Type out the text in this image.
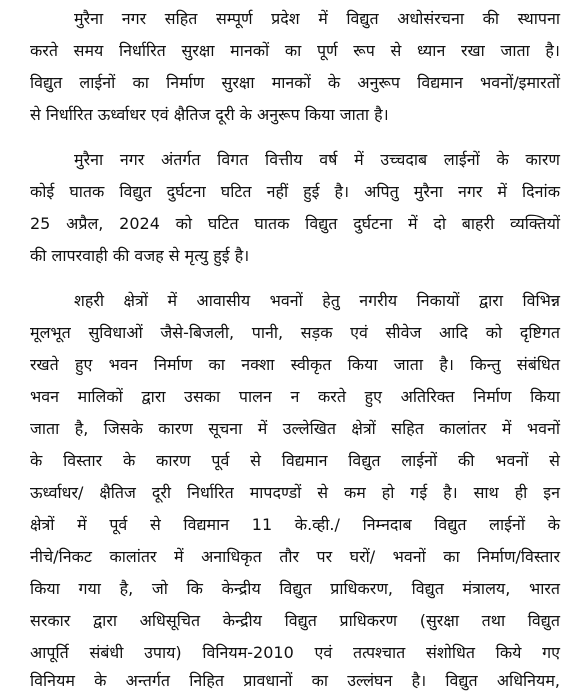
मुरैना नगर सहित सम्पूर्ण प्रदेश में विद्युत अधोसंरचना की स्थापना
करते समय निर्धारित सुरक्षा मानकों का पूर्ण रूप से ध्यान रखा जाता है।
विद्युत लाईनों का निर्माण सुरक्षा मानकों के अनुरूप विद्यमान भवनों/इमारतों
से निर्धारित ऊर्ध्वाधर एवं क्षैतिज दूरी के अनुरूप किया जाता है।
मुरैना नगर अंतर्गत विगत वित्तीय वर्ष में उच्चदाब लाईनों के कारण
कोई घातक विद्युत दुर्घटना घटित नहीं हुई है। अपितु मुरैना नगर में दिनांक
25 अप्रैल, 2024 को घटित घातक विद्युत दुर्घटना में दो बाहरी व्यक्तियों
की लापरवाही की वजह से मृत्यु हुई है।
शहरी क्षेत्रों में आवासीय भवनों हेतु नगरीय निकायों द्वारा विभिन्न
मूलभूत सुविधाओं जैसे-बिजली, पानी, सड़क एवं सीवेज आदि को दृष्टिगत
रखते हुए भवन निर्माण का नक्शा स्वीकृत किया जाता है। किन्तु संबंधित
भवन मालिकों द्वारा उसका पालन न करते हुए अतिरिक्त निर्माण किया
जाता है, जिसके कारण सूचना में उल्लेखित क्षेत्रों सहित कालांतर में भवनों
के विस्तार के कारण पूर्व से विद्यमान विद्युत लाईनों की भवनों से
ऊर्ध्वाधर/ क्षैतिज दूरी निर्धारित मापदण्डों से कम हो गई है। साथ ही इन
क्षेत्रों में पूर्व से विद्यमान 11 के.व्ही./ निम्नदाब विद्युत लाईनों के
नीचे/निकट कालांतर में अनाधिकृत तौर पर घरों/ भवनों का निर्माण/विस्तार
किया गया है, जो कि केन्द्रीय विद्युत प्राधिकरण, विद्युत मंत्रालय, भारत
सरकार द्वारा अधिसूचित केन्द्रीय विद्युत प्राधिकरण (सुरक्षा तथा विद्युत
आपूर्ति संबंधी उपाय) विनियम-2010 एवं तत्पश्चात संशोधित किये गए
विनियम के अन्तर्गत निहित प्रावधानों का उल्लंघन है। विद्युत अधिनियम,
